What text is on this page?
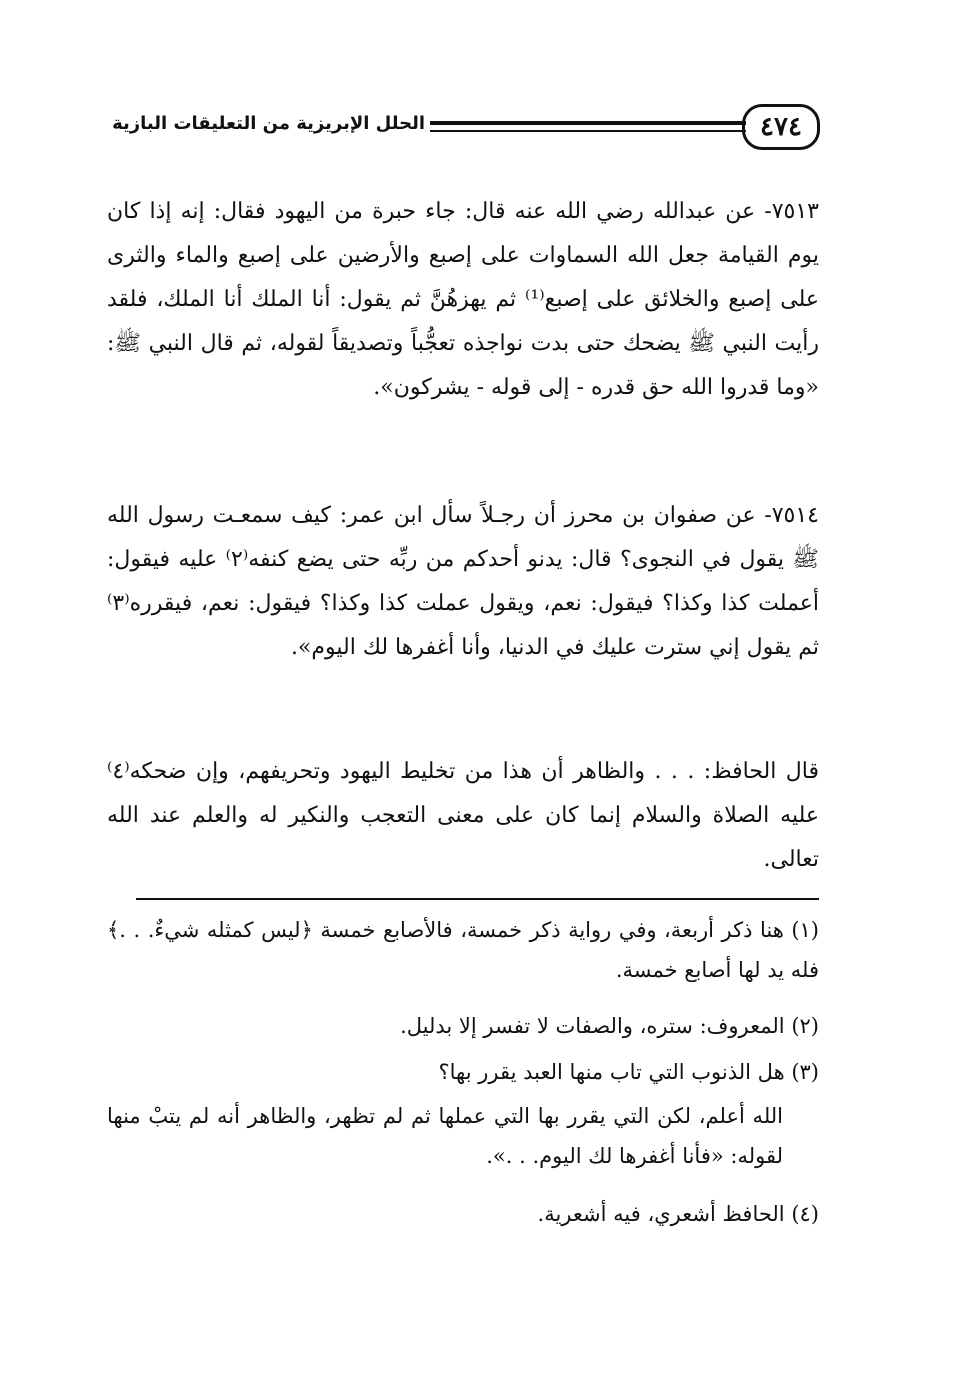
٤٧٤
الحلل الإبريزية من التعليقات البازية
٧٥١٣- عن عبدالله رضي الله عنه قال: جاء حبرة من اليهود فقال: إنه إذا كان يوم القيامة جعل الله السماوات على إصبع والأرضين على إصبع والماء والثرى على إصبع والخلائق على إصبع⁽¹⁾ ثم يهزهُنَّ ثم يقول: أنا الملك أنا الملك، فلقد رأيت النبي ﷺ يضحك حتى بدت نواجذه تعجُّباً وتصديقاً لقوله، ثم قال النبي ﷺ: «وما قدروا الله حق قدره - إلى قوله - يشركون».
٧٥١٤- عن صفوان بن محرز أن رجـلاً سأل ابن عمر: كيف سمعـت رسول الله ﷺ يقول في النجوى؟ قال: يدنو أحدكم من ربِّه حتى يضع كنفه⁽٢⁾ عليه فيقول: أعملت كذا وكذا؟ فيقول: نعم، ويقول عملت كذا وكذا؟ فيقول: نعم، فيقرره⁽٣⁾ ثم يقول إني سترت عليك في الدنيا، وأنا أغفرها لك اليوم».
قال الحافظ: . . . والظاهر أن هذا من تخليط اليهود وتحريفهم، وإن ضحكه⁽٤⁾ عليه الصلاة والسلام إنما كان على معنى التعجب والنكير له والعلم عند الله تعالى.
(١) هنا ذكر أربعة، وفي رواية ذكر خمسة، فالأصابع خمسة ﴿ليس كمثله شيءٌ. . .﴾ فله يد لها أصابع خمسة.
(٢) المعروف: ستره، والصفات لا تفسر إلا بدليل.
(٣) هل الذنوب التي تاب منها العبد يقرر بها؟
الله أعلم، لكن التي يقرر بها التي عملها ثم لم تظهر، والظاهر أنه لم يتبْ منها لقوله: «فأنا أغفرها لك اليوم. . .».
(٤) الحافظ أشعري، فيه أشعرية.
